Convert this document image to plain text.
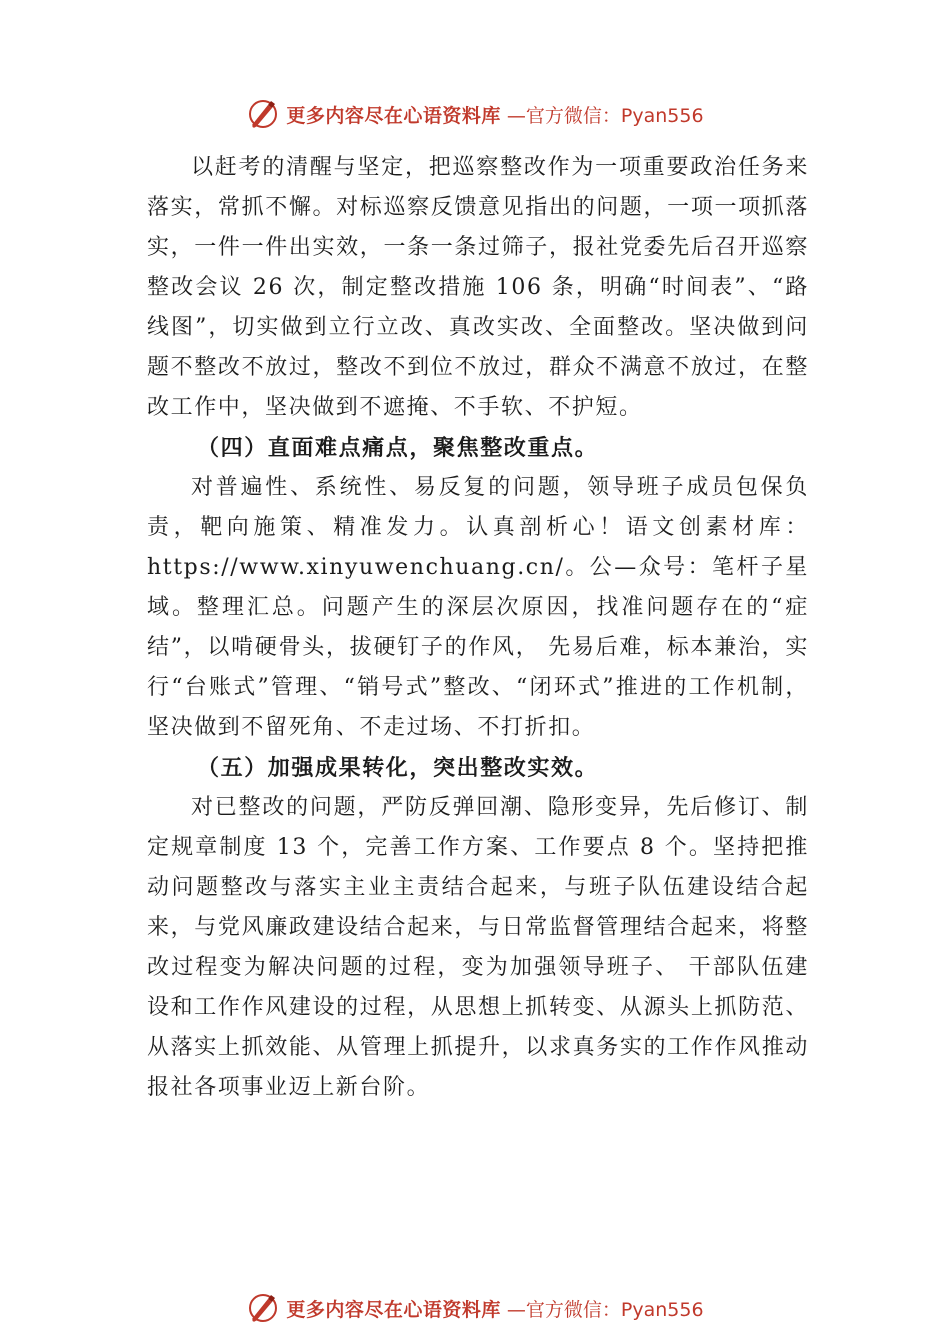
更多内容尽在心语资料库 —官方微信：Pyan556

以赶考的清醒与坚定，把巡察整改作为一项重要政治任务来落实，常抓不懈。对标巡察反馈意见指出的问题，一项一项抓落实，一件一件出实效，一条一条过筛子，报社党委先后召开巡察整改会议 26 次，制定整改措施 106 条，明确“时间表”、“路线图”，切实做到立行立改、真改实改、全面整改。坚决做到问题不整改不放过，整改不到位不放过，群众不满意不放过，在整改工作中，坚决做到不遮掩、不手软、不护短。

（四）直面难点痛点，聚焦整改重点。

对普遍性、系统性、易反复的问题，领导班子成员包保负责，靶向施策、精准发力。认真剖析心！语文创素材库：https://www.xinyuwenchuang.cn/。公—众号：笔杆子星域。整理汇总。问题产生的深层次原因，找准问题存在的“症结”，以啃硬骨头，拔硬钉子的作风， 先易后难，标本兼治，实行“台账式”管理、“销号式”整改、“闭环式”推进的工作机制，坚决做到不留死角、不走过场、不打折扣。

（五）加强成果转化，突出整改实效。

对已整改的问题，严防反弹回潮、隐形变异，先后修订、制定规章制度 13 个，完善工作方案、工作要点 8 个。坚持把推动问题整改与落实主业主责结合起来，与班子队伍建设结合起来，与党风廉政建设结合起来，与日常监督管理结合起来，将整改过程变为解决问题的过程，变为加强领导班子、 干部队伍建设和工作作风建设的过程，从思想上抓转变、从源头上抓防范、从落实上抓效能、从管理上抓提升，以求真务实的工作作风推动报社各项事业迈上新台阶。

更多内容尽在心语资料库 —官方微信：Pyan556
